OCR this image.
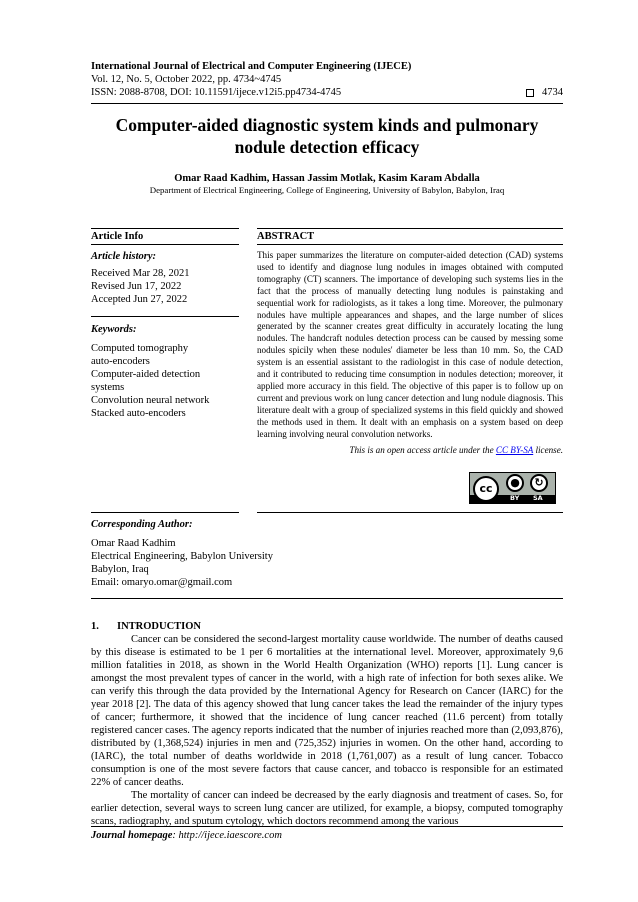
International Journal of Electrical and Computer Engineering (IJECE)
Vol. 12, No. 5, October 2022, pp. 4734~4745
ISSN: 2088-8708, DOI: 10.11591/ijece.v12i5.pp4734-4745	4734
Computer-aided diagnostic system kinds and pulmonary nodule detection efficacy
Omar Raad Kadhim, Hassan Jassim Motlak, Kasim Karam Abdalla
Department of Electrical Engineering, College of Engineering, University of Babylon, Babylon, Iraq
Article Info	ABSTRACT
Article history:
Received Mar 28, 2021
Revised Jun 17, 2022
Accepted Jun 27, 2022
Keywords:
Computed tomography
auto-encoders
Computer-aided detection
systems
Convolution neural network
Stacked auto-encoders
This paper summarizes the literature on computer-aided detection (CAD) systems used to identify and diagnose lung nodules in images obtained with computed tomography (CT) scanners. The importance of developing such systems lies in the fact that the process of manually detecting lung nodules is painstaking and sequential work for radiologists, as it takes a long time. Moreover, the pulmonary nodules have multiple appearances and shapes, and the large number of slices generated by the scanner creates great difficulty in accurately locating the lung nodules. The handcraft nodules detection process can be caused by messing some nodules spicily when these nodules' diameter be less than 10 mm. So, the CAD system is an essential assistant to the radiologist in this case of nodule detection, and it contributed to reducing time consumption in nodules detection; moreover, it applied more accuracy in this field. The objective of this paper is to follow up on current and previous work on lung cancer detection and lung nodule diagnosis. This literature dealt with a group of specialized systems in this field quickly and showed the methods used in them. It dealt with an emphasis on a system based on deep learning involving neural convolution networks.
This is an open access article under the CC BY-SA license.
cc	●	↻
BY SA
Corresponding Author:
Omar Raad Kadhim
Electrical Engineering, Babylon University
Babylon, Iraq
Email: omaryo.omar@gmail.com
1. INTRODUCTION

Cancer can be considered the second-largest mortality cause worldwide. The number of deaths caused by this disease is estimated to be 1 per 6 mortalities at the international level. Moreover, approximately 9,6 million fatalities in 2018, as shown in the World Health Organization (WHO) reports [1]. Lung cancer is amongst the most prevalent types of cancer in the world, with a high rate of infection for both sexes alike. We can verify this through the data provided by the International Agency for Research on Cancer (IARC) for the year 2018 [2]. The data of this agency showed that lung cancer takes the lead the remainder of the injury types of cancer; furthermore, it showed that the incidence of lung cancer reached (11.6 percent) from totally registered cancer cases. The agency reports indicated that the number of injuries reached more than (2,093,876), distributed by (1,368,524) injuries in men and (725,352) injuries in women. On the other hand, according to (IARC), the total number of deaths worldwide in 2018 (1,761,007) as a result of lung cancer. Tobacco consumption is one of the most severe factors that cause cancer, and tobacco is responsible for an estimated 22% of cancer deaths.

The mortality of cancer can indeed be decreased by the early diagnosis and treatment of cases. So, for earlier detection, several ways to screen lung cancer are utilized, for example, a biopsy, computed tomography scans, radiography, and sputum cytology, which doctors recommend among the various

Journal homepage: http://ijece.iaescore.com
